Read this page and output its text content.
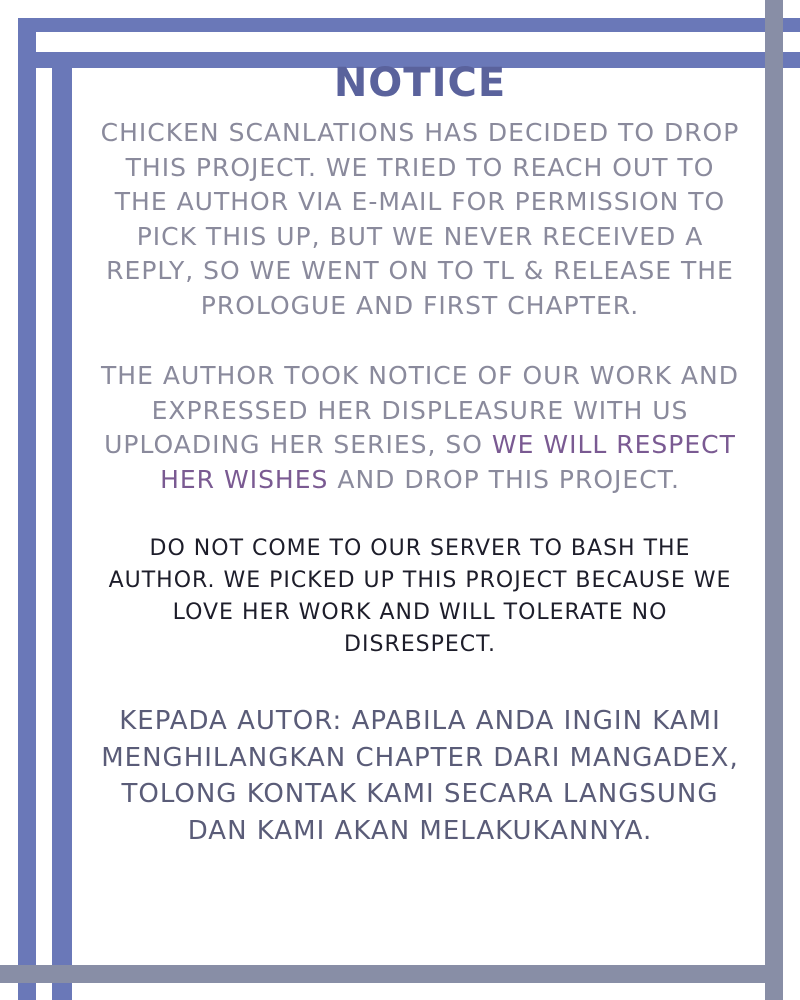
NOTICE

CHICKEN SCANLATIONS HAS DECIDED TO DROP THIS PROJECT. WE TRIED TO REACH OUT TO THE AUTHOR VIA E-MAIL FOR PERMISSION TO PICK THIS UP, BUT WE NEVER RECEIVED A REPLY, SO WE WENT ON TO TL & RELEASE THE PROLOGUE AND FIRST CHAPTER.

THE AUTHOR TOOK NOTICE OF OUR WORK AND EXPRESSED HER DISPLEASURE WITH US UPLOADING HER SERIES, SO WE WILL RESPECT HER WISHES AND DROP THIS PROJECT.

DO NOT COME TO OUR SERVER TO BASH THE AUTHOR. WE PICKED UP THIS PROJECT BECAUSE WE LOVE HER WORK AND WILL TOLERATE NO DISRESPECT.

KEPADA AUTOR: APABILA ANDA INGIN KAMI MENGHILANGKAN CHAPTER DARI MANGADEX, TOLONG KONTAK KAMI SECARA LANGSUNG DAN KAMI AKAN MELAKUKANNYA.
